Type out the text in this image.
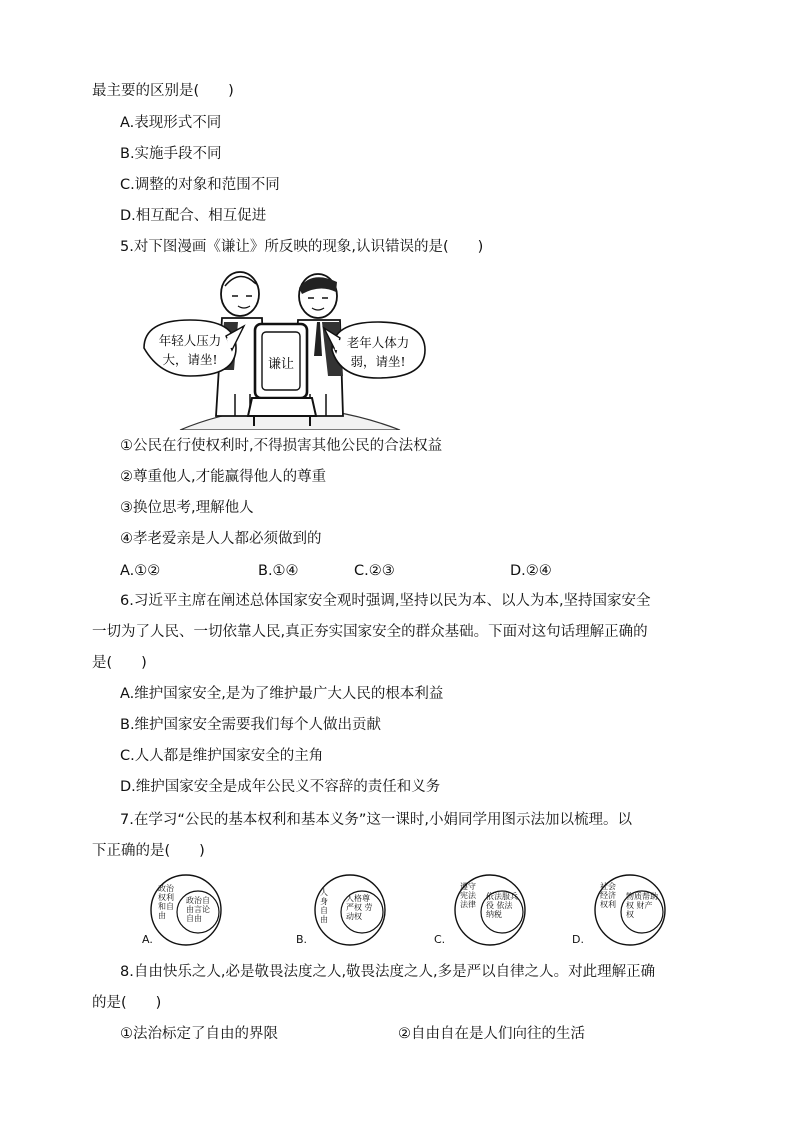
最主要的区别是(　　)
A.表现形式不同
B.实施手段不同
C.调整的对象和范围不同
D.相互配合、相互促进
5.对下图漫画《谦让》所反映的现象,认识错误的是(　　)
谦让
年轻人压力
大，请坐!
老年人体力
弱，请坐!
①公民在行使权利时,不得损害其他公民的合法权益
②尊重他人,才能赢得他人的尊重
③换位思考,理解他人
④孝老爱亲是人人都必须做到的
A.①②	B.①④	C.②③	D.②④
6.习近平主席在阐述总体国家安全观时强调,坚持以民为本、以人为本,坚持国家安全
一切为了人民、一切依靠人民,真正夯实国家安全的群众基础。下面对这句话理解正确的
是(　　)
A.维护国家安全,是为了维护最广大人民的根本利益
B.维护国家安全需要我们每个人做出贡献
C.人人都是维护国家安全的主角
D.维护国家安全是成年公民义不容辞的责任和义务
7.在学习“公民的基本权利和基本义务”这一课时,小娟同学用图示法加以梳理。以
下正确的是(　　)
政治权利和自由
政治自由言论自由
A.
人身自由
人格尊严权 劳动权
B.
遵守宪法法律
依法服兵役 依法纳税
C.
社会经济权利
物质帮助权 财产权
D.
8.自由快乐之人,必是敬畏法度之人,敬畏法度之人,多是严以自律之人。对此理解正确
的是(　　)
①法治标定了自由的界限	②自由自在是人们向往的生活
